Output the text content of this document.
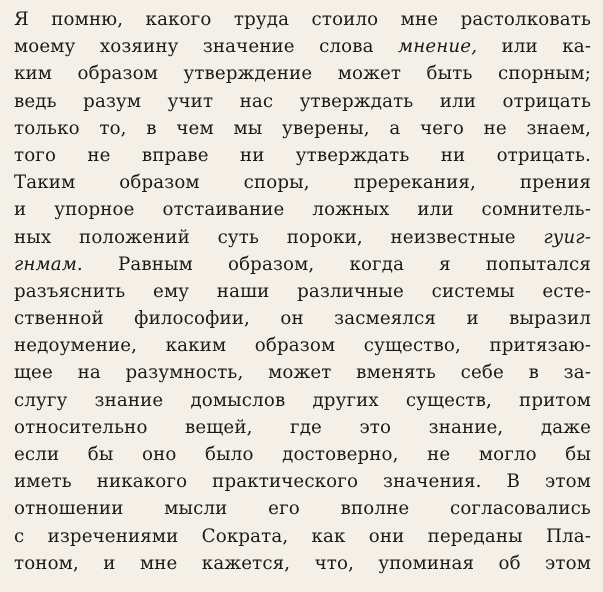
Я помню, какого труда стоило мне растолковать
моему хозяину значение слова мнение, или ка-
ким образом утверждение может быть спорным;
ведь разум учит нас утверждать или отрицать
только то, в чем мы уверены, а чего не знаем,
того не вправе ни утверждать ни отрицать.
Таким образом споры, пререкания, прения
и упорное отстаивание ложных или сомнитель-
ных положений суть пороки, неизвестные гуиг-
гнмам. Равным образом, когда я попытался
разъяснить ему наши различные системы есте-
ственной философии, он засмеялся и выразил
недоумение, каким образом существо, притязаю-
щее на разумность, может вменять себе в за-
слугу знание домыслов других существ, притом
относительно вещей, где это знание, даже
если бы оно было достоверно, не могло бы
иметь никакого практического значения. В этом
отношении мысли его вполне согласовались
с изречениями Сократа, как они переданы Пла-
тоном, и мне кажется, что, упоминая об этом
